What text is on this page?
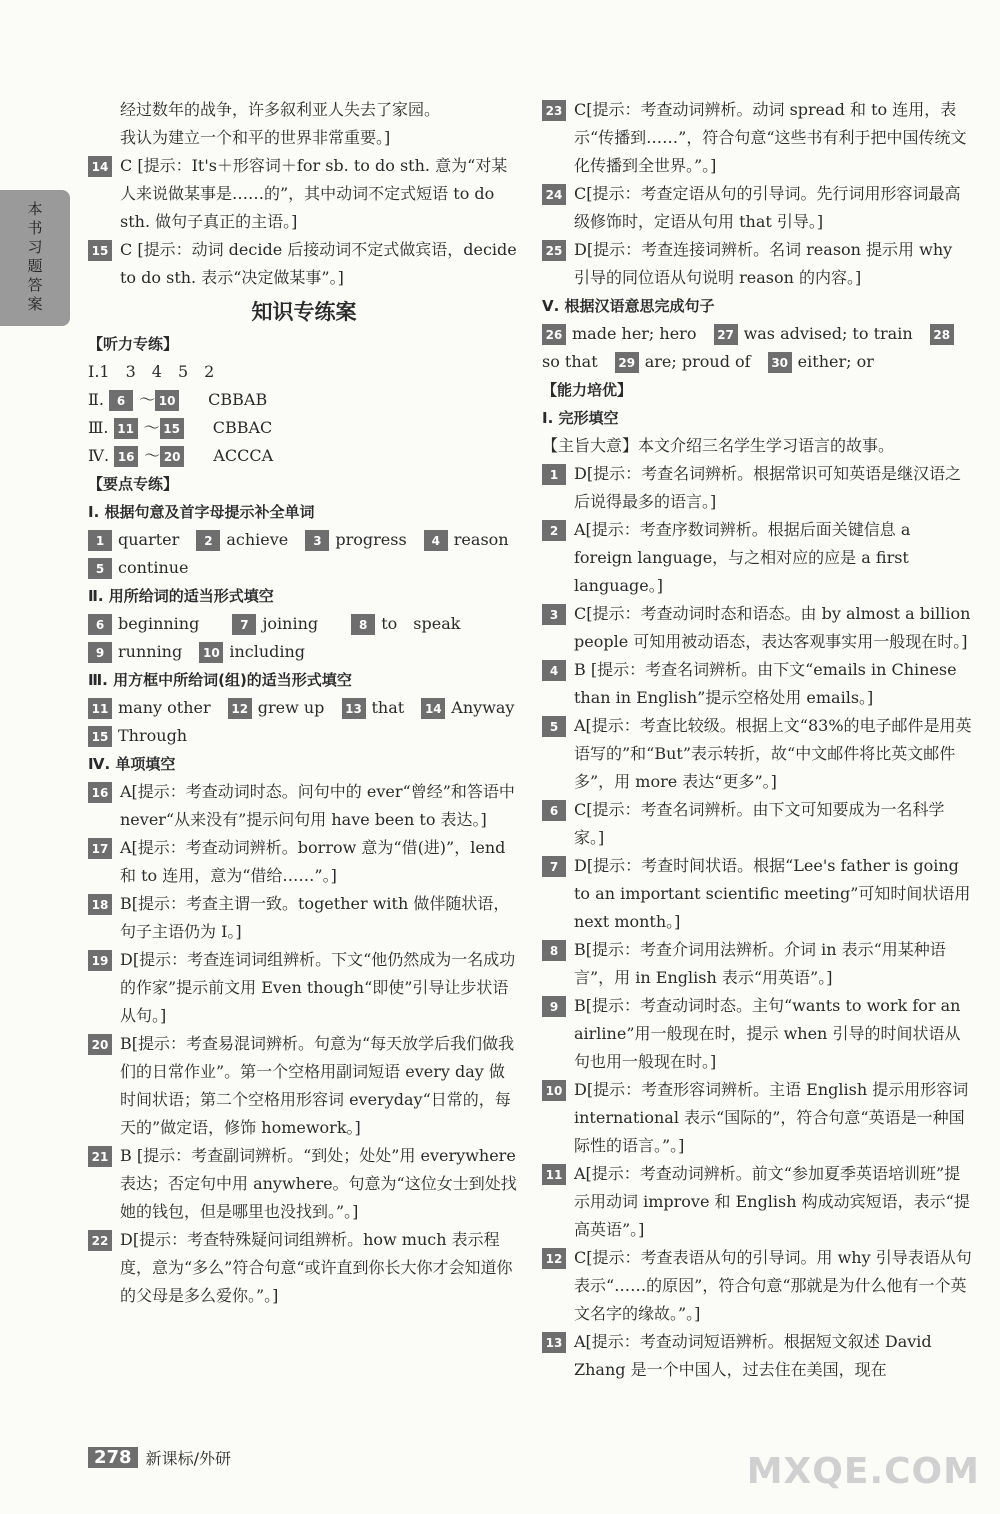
本书习题答案
经过数年的战争，许多叙利亚人失去了家园。
我认为建立一个和平的世界非常重要。]
14 C [提示：It's＋形容词＋for sb. to do sth. 意为“对某人来说做某事是……的”，其中动词不定式短语 to do sth. 做句子真正的主语。]
15 C [提示：动词 decide 后接动词不定式做宾语，decide to do sth. 表示“决定做某事”。]
知识专练案
【听力专练】
Ⅰ.1　3　4　5　2
Ⅱ. 6 ～ 10 CBBAB
Ⅲ. 11 ～ 15 CBBAC
Ⅳ. 16 ～ 20 ACCCA
【要点专练】
Ⅰ. 根据句意及首字母提示补全单词
1 quarter 2 achieve 3 progress 4 reason
5 continue
Ⅱ. 用所给词的适当形式填空
6 beginning	7 joining	8 to　speak
9 running 10 including
Ⅲ. 用方框中所给词(组)的适当形式填空
11 many other 12 grew up 13 that 14 Anyway
15 Through
Ⅳ. 单项填空
16 A[提示：考查动词时态。问句中的 ever“曾经”和答语中 never“从来没有”提示问句用 have been to 表达。]
17 A[提示：考查动词辨析。borrow 意为“借(进)”，lend 和 to 连用，意为“借给……”。]
18 B[提示：考查主谓一致。together with 做伴随状语，句子主语仍为 I。]
19 D[提示：考查连词词组辨析。下文“他仍然成为一名成功的作家”提示前文用 Even though“即使”引导让步状语从句。]
20 B[提示：考查易混词辨析。句意为“每天放学后我们做我们的日常作业”。第一个空格用副词短语 every day 做时间状语；第二个空格用形容词 everyday“日常的，每天的”做定语，修饰 homework。]
21 B [提示：考查副词辨析。“到处；处处”用 everywhere 表达；否定句中用 anywhere。句意为“这位女士到处找她的钱包，但是哪里也没找到。”。]
22 D[提示：考查特殊疑问词组辨析。how much 表示程度，意为“多么”符合句意“或许直到你长大你才会知道你的父母是多么爱你。”。]
23 C[提示：考查动词辨析。动词 spread 和 to 连用，表示“传播到……”，符合句意“这些书有利于把中国传统文化传播到全世界。”。]
24 C[提示：考查定语从句的引导词。先行词用形容词最高级修饰时，定语从句用 that 引导。]
25 D[提示：考查连接词辨析。名词 reason 提示用 why 引导的同位语从句说明 reason 的内容。]
Ⅴ. 根据汉语意思完成句子
26 made her; hero 27 was advised; to train 28
so that 29 are; proud of 30 either; or
【能力培优】
Ⅰ. 完形填空
【主旨大意】本文介绍三名学生学习语言的故事。
1 D[提示：考查名词辨析。根据常识可知英语是继汉语之后说得最多的语言。]
2 A[提示：考查序数词辨析。根据后面关键信息 a foreign language，与之相对应的应是 a first language。]
3 C[提示：考查动词时态和语态。由 by almost a billion people 可知用被动语态，表达客观事实用一般现在时。]
4 B [提示：考查名词辨析。由下文“emails in Chinese than in English”提示空格处用 emails。]
5 A[提示：考查比较级。根据上文“83%的电子邮件是用英语写的”和“But”表示转折，故“中文邮件将比英文邮件多”，用 more 表达“更多”。]
6 C[提示：考查名词辨析。由下文可知要成为一名科学家。]
7 D[提示：考查时间状语。根据“Lee's father is going to an important scientific meeting”可知时间状语用 next month。]
8 B[提示：考查介词用法辨析。介词 in 表示“用某种语言”，用 in English 表示“用英语”。]
9 B[提示：考查动词时态。主句“wants to work for an airline”用一般现在时，提示 when 引导的时间状语从句也用一般现在时。]
10 D[提示：考查形容词辨析。主语 English 提示用形容词 international 表示“国际的”，符合句意“英语是一种国际性的语言。”。]
11 A[提示：考查动词辨析。前文“参加夏季英语培训班”提示用动词 improve 和 English 构成动宾短语，表示“提高英语”。]
12 C[提示：考查表语从句的引导词。用 why 引导表语从句表示“……的原因”，符合句意“那就是为什么他有一个英文名字的缘故。”。]
13 A[提示：考查动词短语辨析。根据短文叙述 David Zhang 是一个中国人，过去住在美国，现在
278 新课标/外研	MXQE.COM
